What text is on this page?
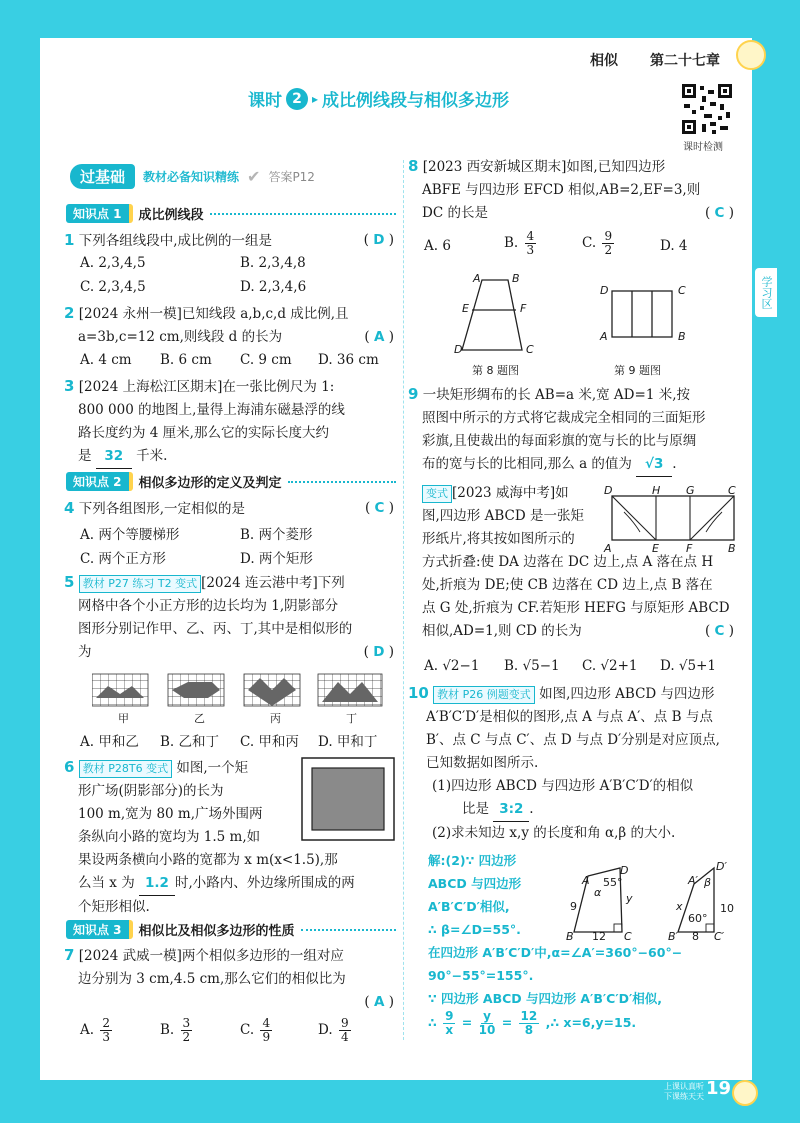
相似 第二十七章
课时 2 ▸ 成比例线段与相似多边形
课时检测
学习区
过基础	教材必备知识精练 ✔ 答案P12
知识点 1	成比例线段
1 下列各组线段中,成比例的一组是	( D )
A. 2,3,4,5	B. 2,3,4,8
C. 2,3,4,5	D. 2,3,4,6
2 [2024 永州一模]已知线段 a,b,c,d 成比例,且
a=3b,c=12 cm,则线段 d 的长为	( A )
A. 4 cm B. 6 cm C. 9 cm D. 36 cm
3 [2024 上海松江区期末]在一张比例尺为 1:
800 000 的地图上,量得上海浦东磁悬浮的线
路长度约为 4 厘米,那么它的实际长度大约
是 32 千米.
知识点 2	相似多边形的定义及判定
4 下列各组图形,一定相似的是	( C )
A. 两个等腰梯形	B. 两个菱形
C. 两个正方形	D. 两个矩形
5 教材 P27 练习 T2 变式 [2024 连云港中考]下列
网格中各个小正方形的边长均为 1,阴影部分
图形分别记作甲、乙、丙、丁,其中是相似形的
为	( D )
甲	乙	丙	丁
A. 甲和乙 B. 乙和丁 C. 甲和丙 D. 甲和丁
6 教材 P28T6 变式 如图,一个矩
形广场(阴影部分)的长为
100 m,宽为 80 m,广场外围两
条纵向小路的宽均为 1.5 m,如
果设两条横向小路的宽都为 x m(x<1.5),那
么当 x 为 1.2 时,小路内、外边缘所围成的两
个矩形相似.
知识点 3	相似比及相似多边形的性质
7 [2024 武威一模]两个相似多边形的一组对应
边分别为 3 cm,4.5 cm,那么它们的相似比为
( A )
A. $\frac{2}{3}$	B. $\frac{3}{2}$	C. $\frac{4}{9}$	D. $\frac{9}{4}$
8 [2023 西安新城区期末]如图,已知四边形
ABFE 与四边形 EFCD 相似,AB=2,EF=3,则
DC 的长是	( C )
A. 6	B. $\frac{4}{3}$	C. $\frac{9}{2}$	D. 4
A	B
E	F
D	C
第 8 题图
D	C
A	B
第 9 题图
9 一块矩形绸布的长 AB=a 米,宽 AD=1 米,按
照图中所示的方式将它裁成完全相同的三面矩形
彩旗,且使裁出的每面彩旗的宽与长的比与原绸
布的宽与长的比相同,那么 a 的值为 √3 .
变式 [2023 威海中考]如
图,四边形 ABCD 是一张矩
形纸片,将其按如图所示的
方式折叠:使 DA 边落在 DC 边上,点 A 落在点 H
处,折痕为 DE;使 CB 边落在 CD 边上,点 B 落在
点 G 处,折痕为 CF.若矩形 HEFG 与原矩形 ABCD
相似,AD=1,则 CD 的长为	( C )
D	H G	C
A	E F	B
A. √2−1 B. √5−1 C. √2+1 D. √5+1
10 教材 P26 例题变式 如图,四边形 ABCD 与四边形
A′B′C′D′是相似的图形,点 A 与点 A′、点 B 与点
B′、点 C 与点 C′、点 D 与点 D′分别是对应顶点,
已知数据如图所示.
(1)四边形 ABCD 与四边形 A′B′C′D′的相似
比是 3:2 .
(2)求未知边 x,y 的长度和角 α,β 的大小.
解:(2)∵ 四边形
ABCD 与四边形
A′B′C′D′相似,
∴ β=∠D=55°.
在四边形 A′B′C′D′中,α=∠A′=360°−60°−
90°−55°=155°.
∵ 四边形 ABCD 与四边形 A′B′C′D′相似,
∴ $\frac{9}{x} = \frac{y}{10} = \frac{12}{8}$ ,∴ x=6,y=15.
A
B	C
D
55°
α
9
12
y
A′
B′	C′
D′
60°
β
x
8
10
上课认真听
下课练天天 19
